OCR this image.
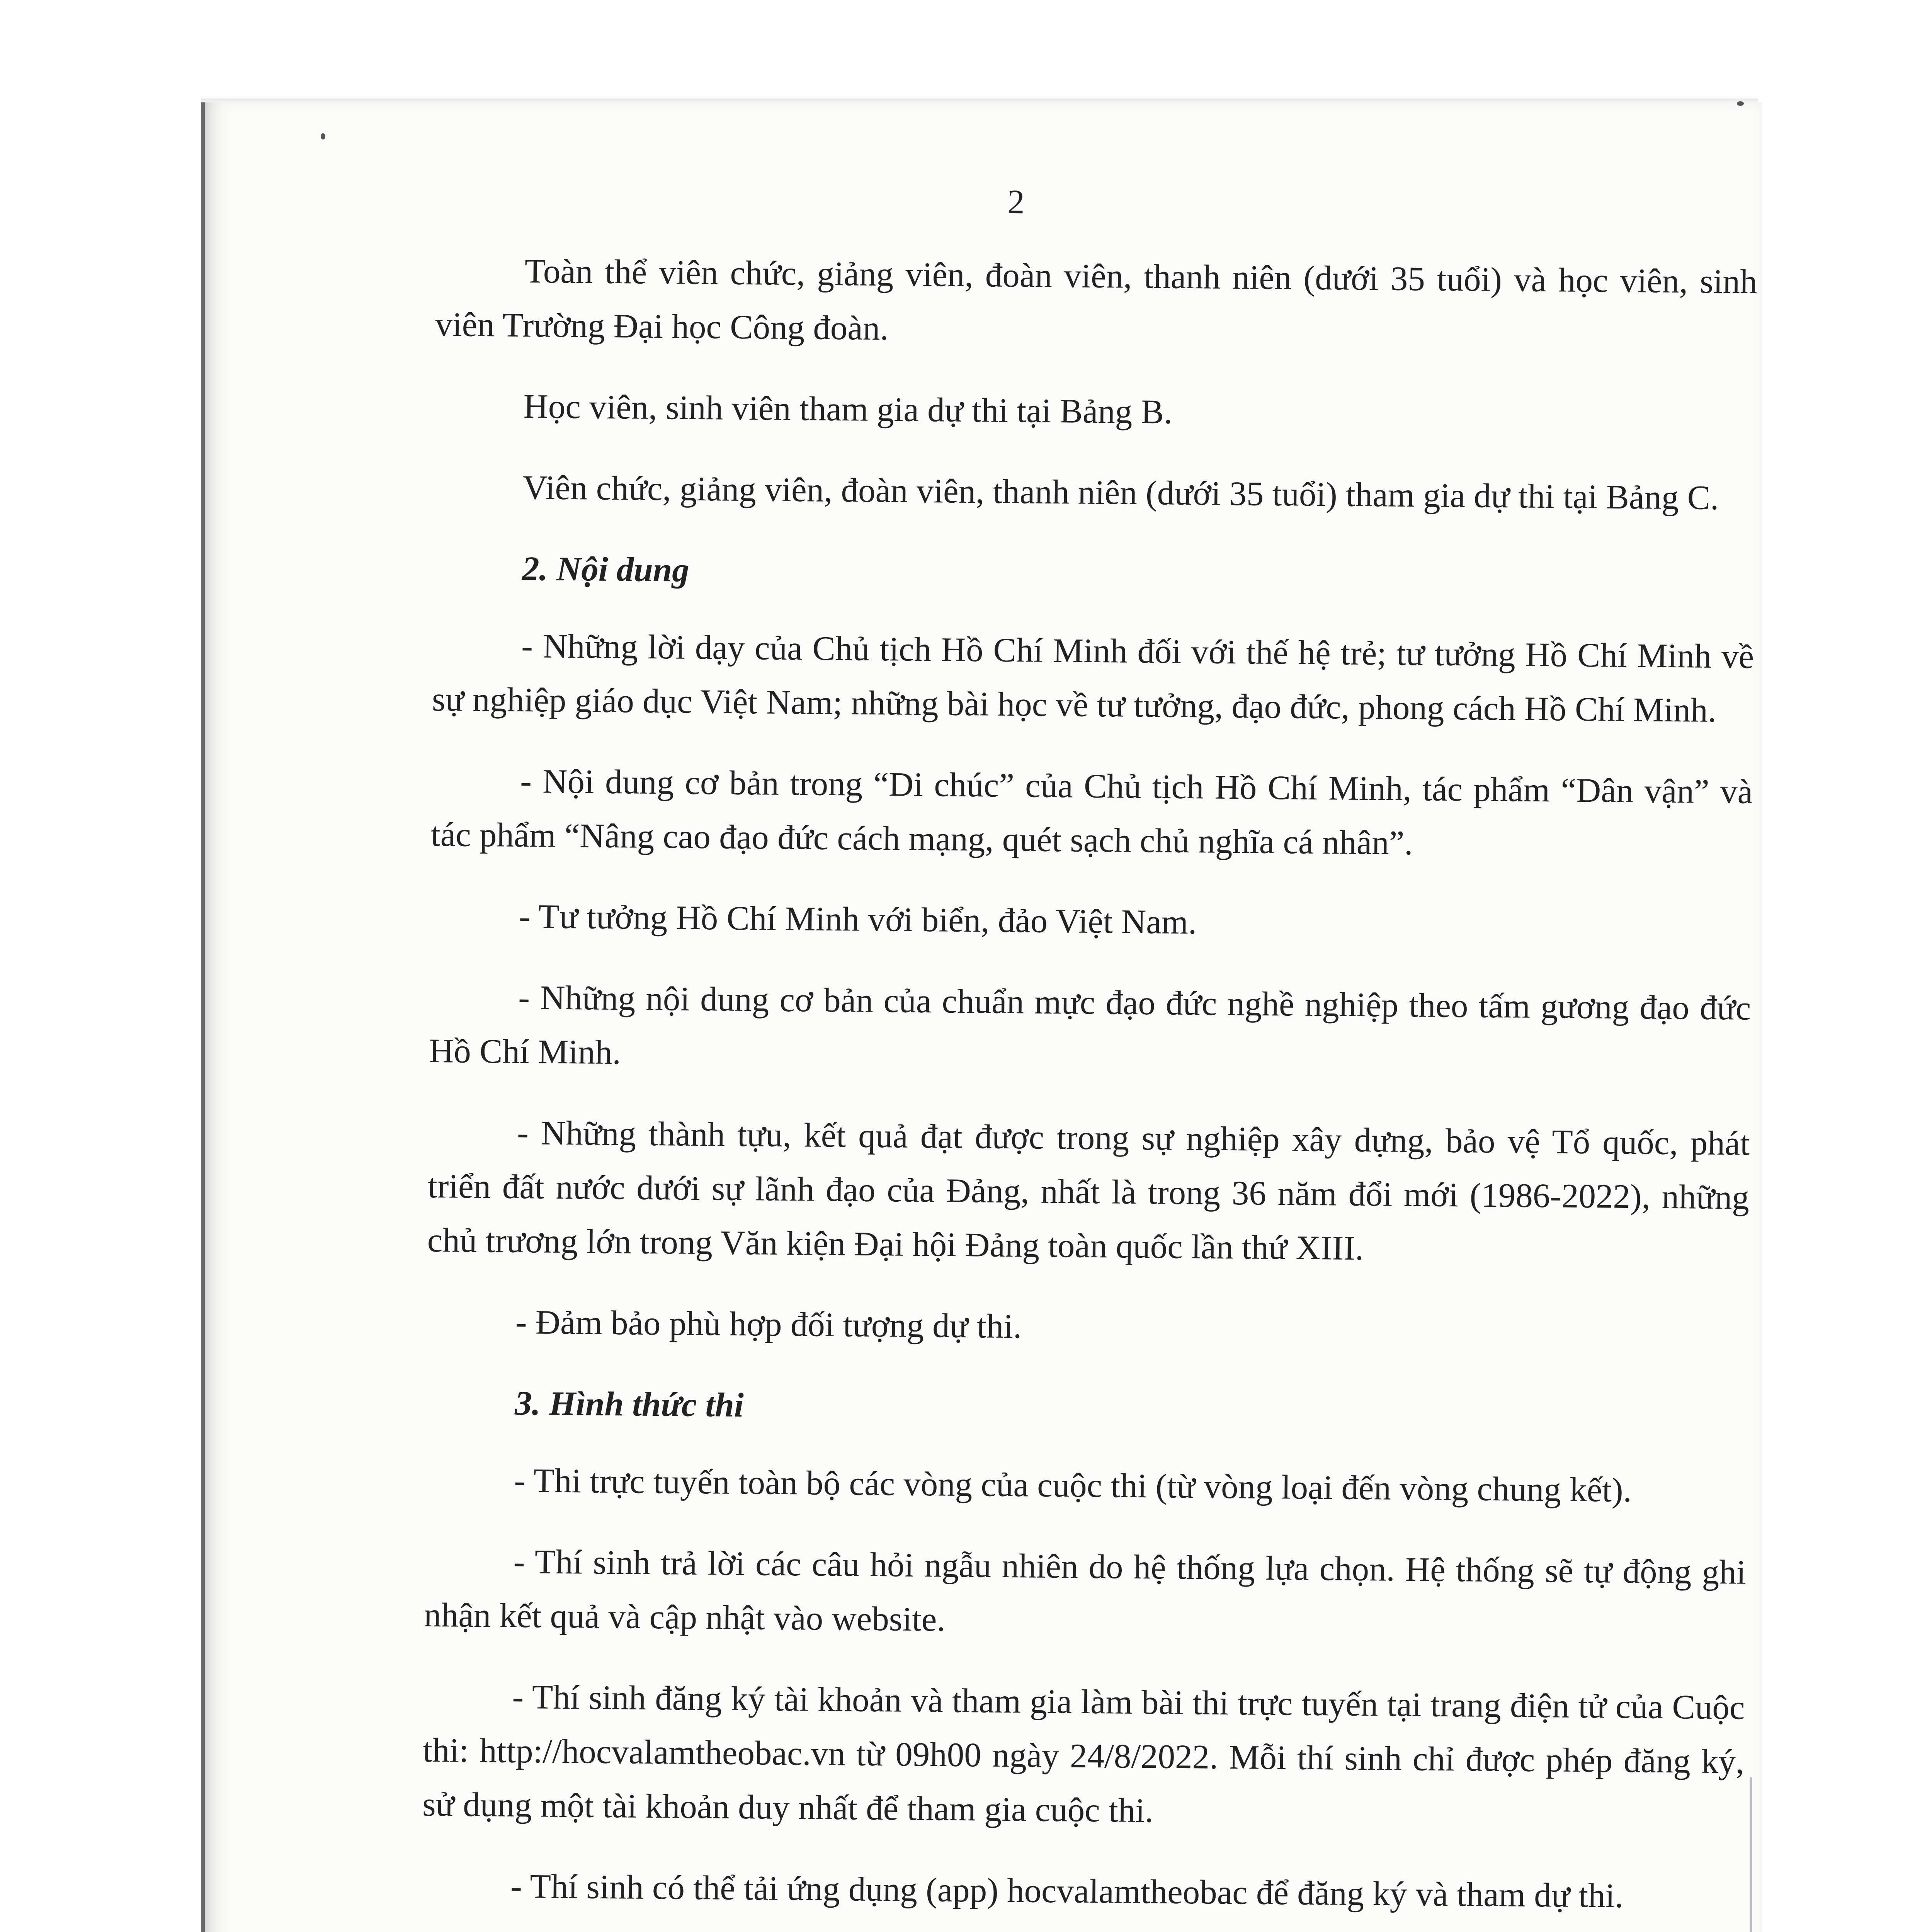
2

Toàn thể viên chức, giảng viên, đoàn viên, thanh niên (dưới 35 tuổi) và học viên, sinh viên Trường Đại học Công đoàn.

Học viên, sinh viên tham gia dự thi tại Bảng B.

Viên chức, giảng viên, đoàn viên, thanh niên (dưới 35 tuổi) tham gia dự thi tại Bảng C.

2. Nội dung

- Những lời dạy của Chủ tịch Hồ Chí Minh đối với thế hệ trẻ; tư tưởng Hồ Chí Minh về sự nghiệp giáo dục Việt Nam; những bài học về tư tưởng, đạo đức, phong cách Hồ Chí Minh.

- Nội dung cơ bản trong “Di chúc” của Chủ tịch Hồ Chí Minh, tác phẩm “Dân vận” và tác phẩm “Nâng cao đạo đức cách mạng, quét sạch chủ nghĩa cá nhân”.

- Tư tưởng Hồ Chí Minh với biển, đảo Việt Nam.

- Những nội dung cơ bản của chuẩn mực đạo đức nghề nghiệp theo tấm gương đạo đức Hồ Chí Minh.

- Những thành tựu, kết quả đạt được trong sự nghiệp xây dựng, bảo vệ Tổ quốc, phát triển đất nước dưới sự lãnh đạo của Đảng, nhất là trong 36 năm đổi mới (1986-2022), những chủ trương lớn trong Văn kiện Đại hội Đảng toàn quốc lần thứ XIII.

- Đảm bảo phù hợp đối tượng dự thi.

3. Hình thức thi

- Thi trực tuyến toàn bộ các vòng của cuộc thi (từ vòng loại đến vòng chung kết).

- Thí sinh trả lời các câu hỏi ngẫu nhiên do hệ thống lựa chọn. Hệ thống sẽ tự động ghi nhận kết quả và cập nhật vào website.

- Thí sinh đăng ký tài khoản và tham gia làm bài thi trực tuyến tại trang điện tử của Cuộc thi: http://hocvalamtheobac.vn từ 09h00 ngày 24/8/2022. Mỗi thí sinh chỉ được phép đăng ký, sử dụng một tài khoản duy nhất để tham gia cuộc thi.

- Thí sinh có thể tải ứng dụng (app) hocvalamtheobac để đăng ký và tham dự thi.
